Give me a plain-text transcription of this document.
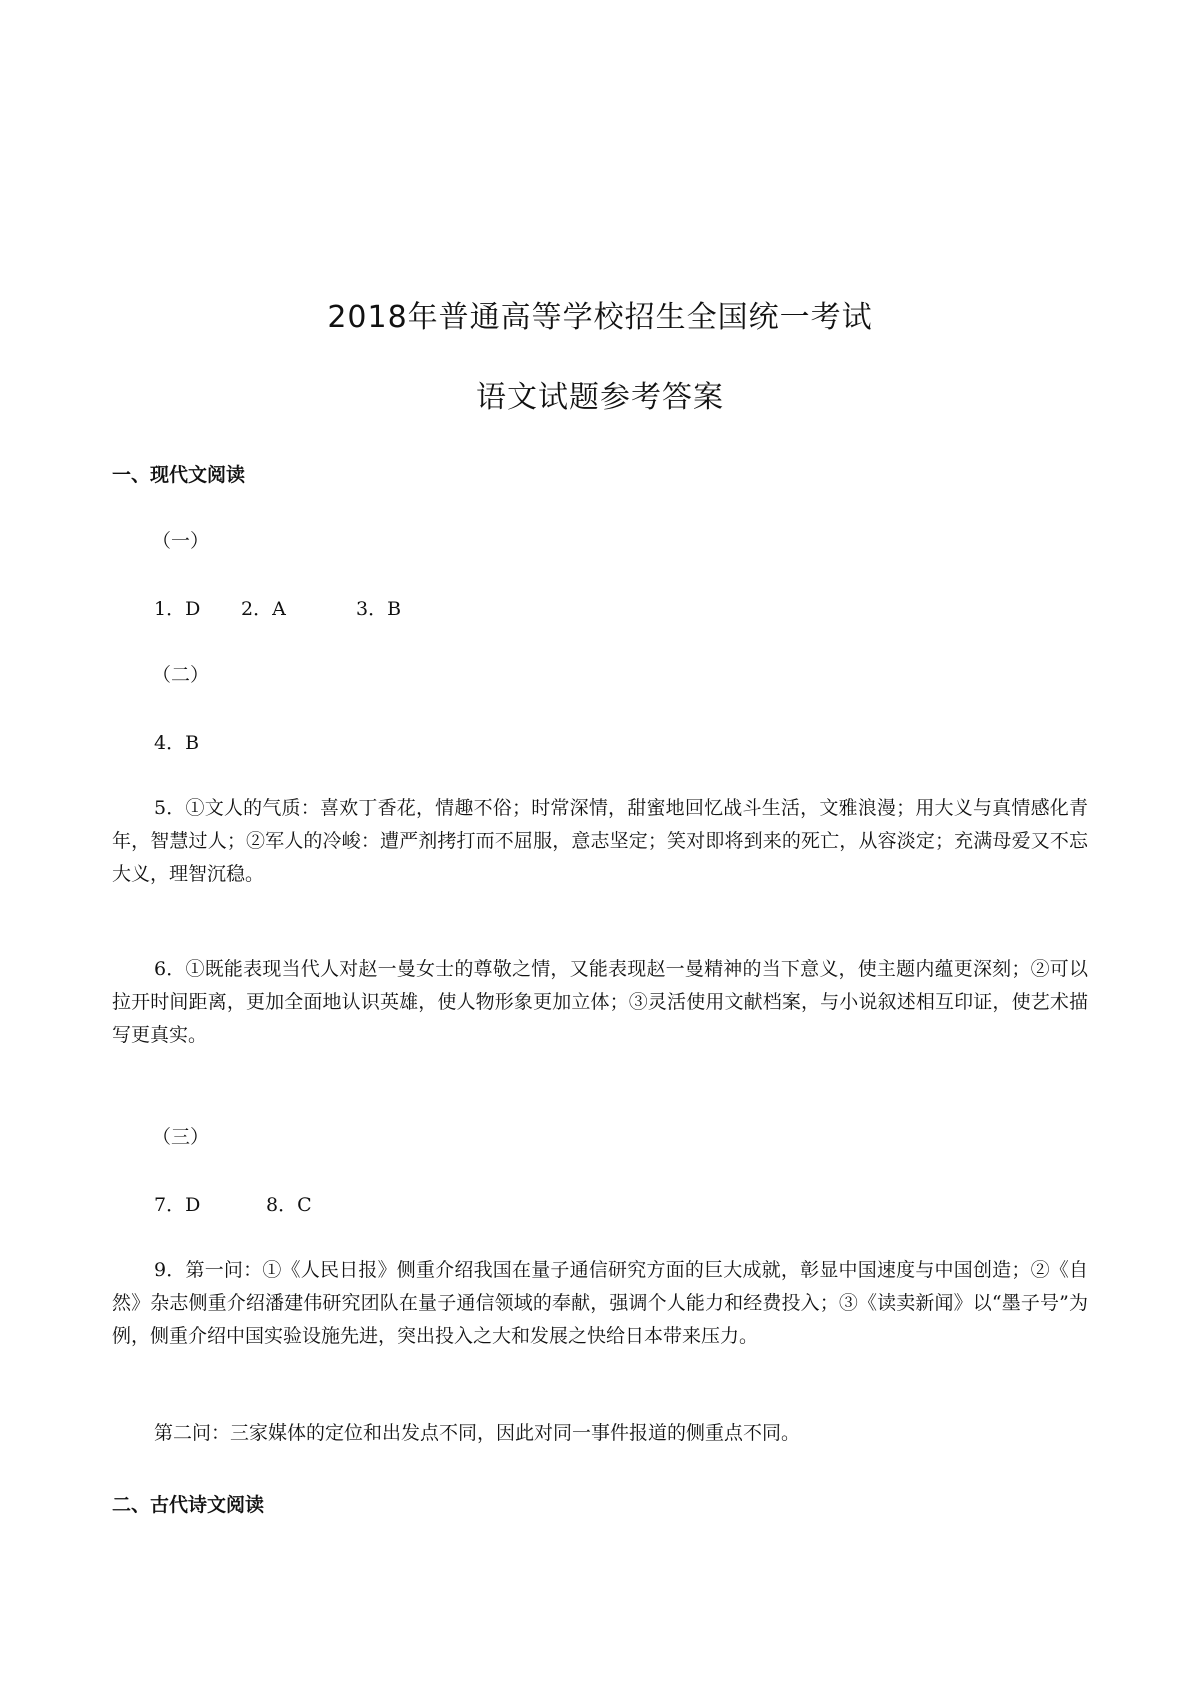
2018年普通高等学校招生全国统一考试
语文试题参考答案
一、现代文阅读
（一）
1．D 2．A	3．B
（二）
4．B
5．①文人的气质：喜欢丁香花，情趣不俗；时常深情，甜蜜地回忆战斗生活，文雅浪漫；用大义与真情感化青年，智慧过人；②军人的冷峻：遭严剂拷打而不屈服，意志坚定；笑对即将到来的死亡，从容淡定；充满母爱又不忘大义，理智沉稳。
6．①既能表现当代人对赵一曼女士的尊敬之情，又能表现赵一曼精神的当下意义，使主题内蕴更深刻；②可以拉开时间距离，更加全面地认识英雄，使人物形象更加立体；③灵活使用文献档案，与小说叙述相互印证，使艺术描写更真实。
（三）
7．D	8．C
9．第一问：①《人民日报》侧重介绍我国在量子通信研究方面的巨大成就，彰显中国速度与中国创造；②《自然》杂志侧重介绍潘建伟研究团队在量子通信领域的奉献，强调个人能力和经费投入；③《读卖新闻》以“墨子号”为例，侧重介绍中国实验设施先进，突出投入之大和发展之快给日本带来压力。
第二问：三家媒体的定位和出发点不同，因此对同一事件报道的侧重点不同。
二、古代诗文阅读
